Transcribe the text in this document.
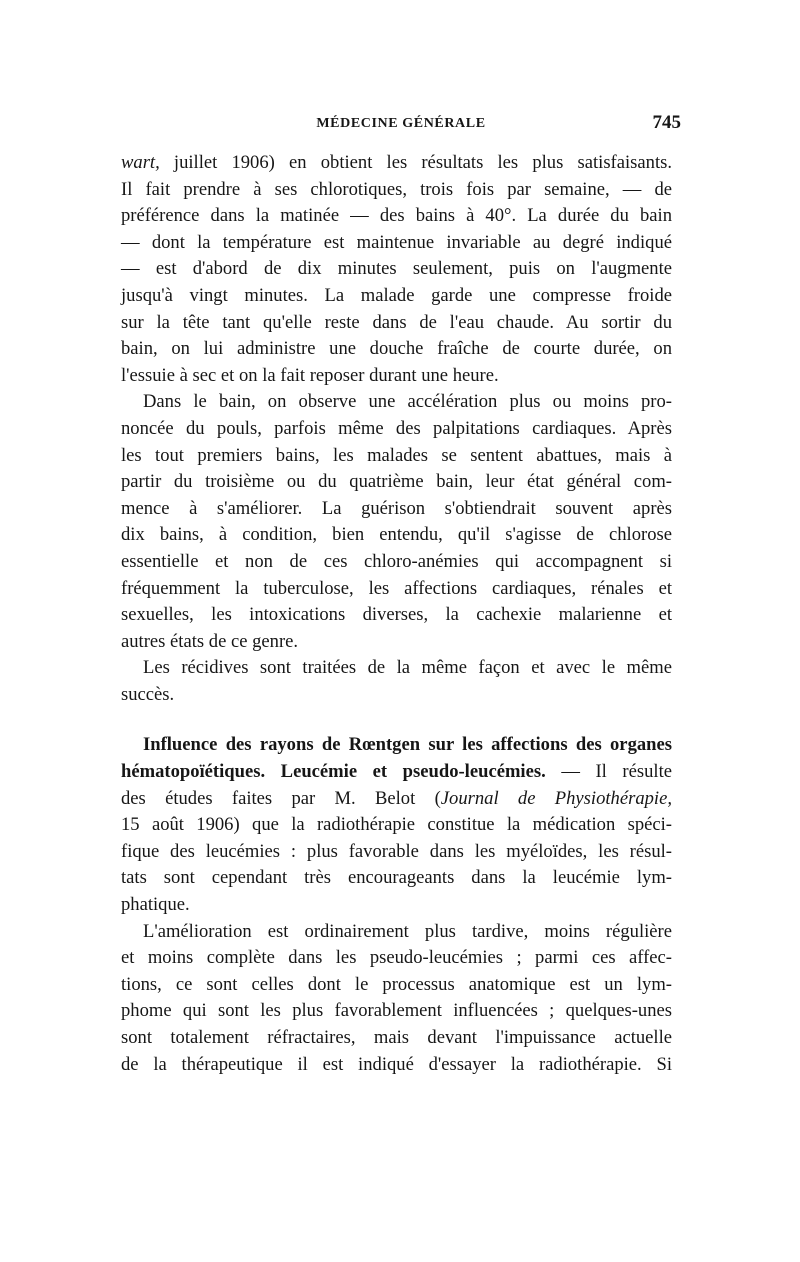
MÉDECINE GÉNÉRALE	745
wart, juillet 1906) en obtient les résultats les plus satisfaisants.
Il fait prendre à ses chlorotiques, trois fois par semaine, — de
préférence dans la matinée — des bains à 40°. La durée du bain
— dont la température est maintenue invariable au degré indiqué
— est d'abord de dix minutes seulement, puis on l'augmente
jusqu'à vingt minutes. La malade garde une compresse froide
sur la tête tant qu'elle reste dans de l'eau chaude. Au sortir du
bain, on lui administre une douche fraîche de courte durée, on
l'essuie à sec et on la fait reposer durant une heure.
Dans le bain, on observe une accélération plus ou moins pro-
noncée du pouls, parfois même des palpitations cardiaques. Après
les tout premiers bains, les malades se sentent abattues, mais à
partir du troisième ou du quatrième bain, leur état général com-
mence à s'améliorer. La guérison s'obtiendrait souvent après
dix bains, à condition, bien entendu, qu'il s'agisse de chlorose
essentielle et non de ces chloro-anémies qui accompagnent si
fréquemment la tuberculose, les affections cardiaques, rénales et
sexuelles, les intoxications diverses, la cachexie malarienne et
autres états de ce genre.
Les récidives sont traitées de la même façon et avec le même
succès.
Influence des rayons de Rœntgen sur les affections des organes
hématopoïétiques. Leucémie et pseudo-leucémies. — Il résulte
des études faites par M. Belot (Journal de Physiothérapie,
15 août 1906) que la radiothérapie constitue la médication spéci-
fique des leucémies : plus favorable dans les myéloïdes, les résul-
tats sont cependant très encourageants dans la leucémie lym-
phatique.
L'amélioration est ordinairement plus tardive, moins régulière
et moins complète dans les pseudo-leucémies ; parmi ces affec-
tions, ce sont celles dont le processus anatomique est un lym-
phome qui sont les plus favorablement influencées ; quelques-unes
sont totalement réfractaires, mais devant l'impuissance actuelle
de la thérapeutique il est indiqué d'essayer la radiothérapie. Si
